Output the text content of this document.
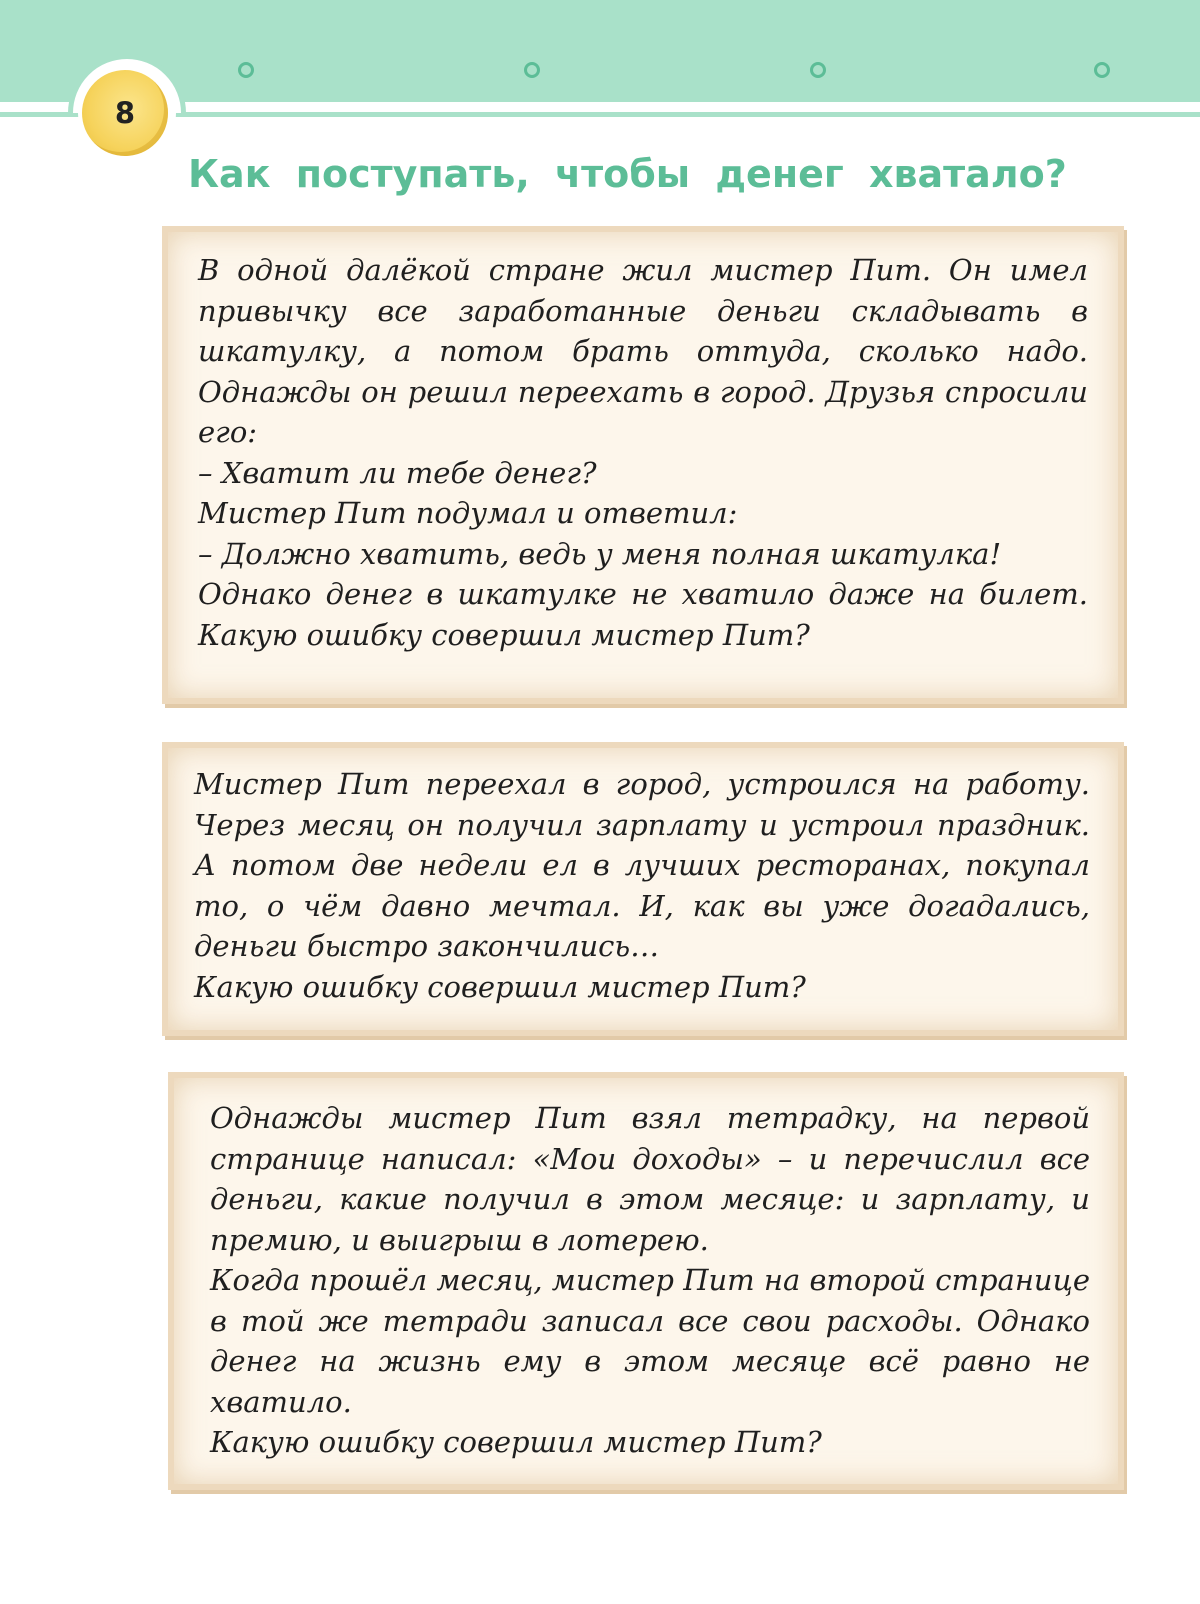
8
Как поступать, чтобы денег хватало?

В одной далёкой стране жил мистер Пит. Он имел
привычку все заработанные деньги складывать в
шкатулку, а потом брать оттуда, сколько надо.
Однажды он решил переехать в город. Друзья спросили
его:
– Хватит ли тебе денег?
Мистер Пит подумал и ответил:
– Должно хватить, ведь у меня полная шкатулка!
Однако денег в шкатулке не хватило даже на билет.
Какую ошибку совершил мистер Пит?

Мистер Пит переехал в город, устроился на работу.
Через месяц он получил зарплату и устроил праздник.
А потом две недели ел в лучших ресторанах, покупал
то, о чём давно мечтал. И, как вы уже догадались,
деньги быстро закончились…
Какую ошибку совершил мистер Пит?

Однажды мистер Пит взял тетрадку, на первой
странице написал: «Мои доходы» – и перечислил все
деньги, какие получил в этом месяце: и зарплату, и
премию, и выигрыш в лотерею.
Когда прошёл месяц, мистер Пит на второй странице
в той же тетради записал все свои расходы. Однако
денег на жизнь ему в этом месяце всё равно не
хватило.
Какую ошибку совершил мистер Пит?
